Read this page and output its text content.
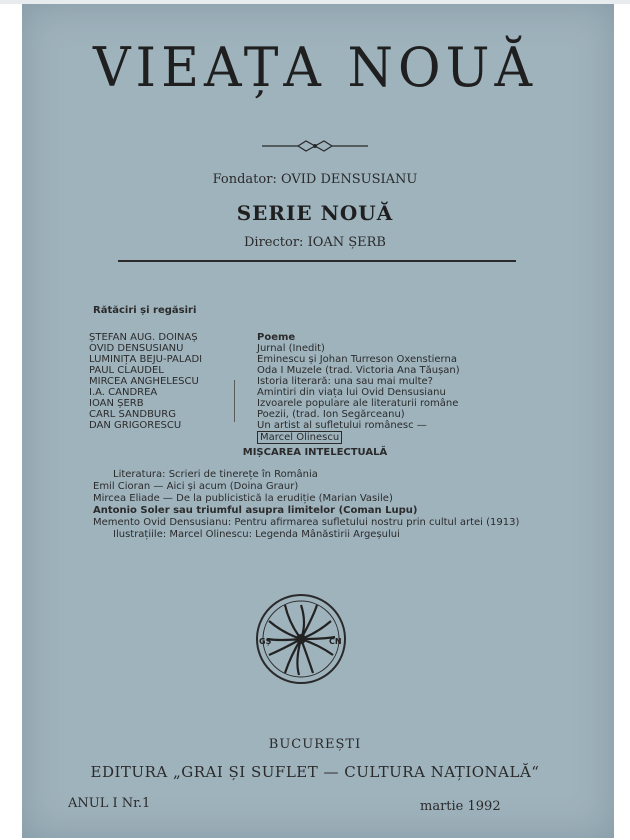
VIEAȚA NOUĂ
Fondator: OVID DENSUSIANU
SERIE NOUĂ
Director: IOAN ȘERB
Rătăciri și regăsiri
ȘTEFAN AUG. DOINAȘ	Poeme
OVID DENSUSIANU	Jurnal (Inedit)
LUMINIȚA BEJU-PALADI	Eminescu și Johan Turreson Oxenstierna
PAUL CLAUDEL	Oda I Muzele (trad. Victoria Ana Tăușan)
MIRCEA ANGHELESCU	Istoria literară: una sau mai multe?
I.A. CANDREA	Amintiri din viața lui Ovid Densusianu
IOAN ȘERB	Izvoarele populare ale literaturii române
CARL SANDBURG	Poezii, (trad. Ion Segărceanu)
DAN GRIGORESCU	Un artist al sufletului românesc —
Marcel Olinescu
MIȘCAREA INTELECTUALĂ
Literatura: Scrieri de tinerețe în România
Emil Cioran — Aici și acum (Doina Graur)
Mircea Eliade — De la publicistică la erudiție (Marian Vasile)
Antonio Soler sau triumful asupra limitelor (Coman Lupu)
Memento Ovid Densusianu: Pentru afirmarea sufletului nostru prin cultul artei (1913)
Ilustrațiile: Marcel Olinescu: Legenda Mânăstirii Argeșului
GȘ	CN
BUCUREȘTI
EDITURA „GRAI ȘI SUFLET — CULTURA NAȚIONALĂ“
ANUL I Nr.1	martie 1992
